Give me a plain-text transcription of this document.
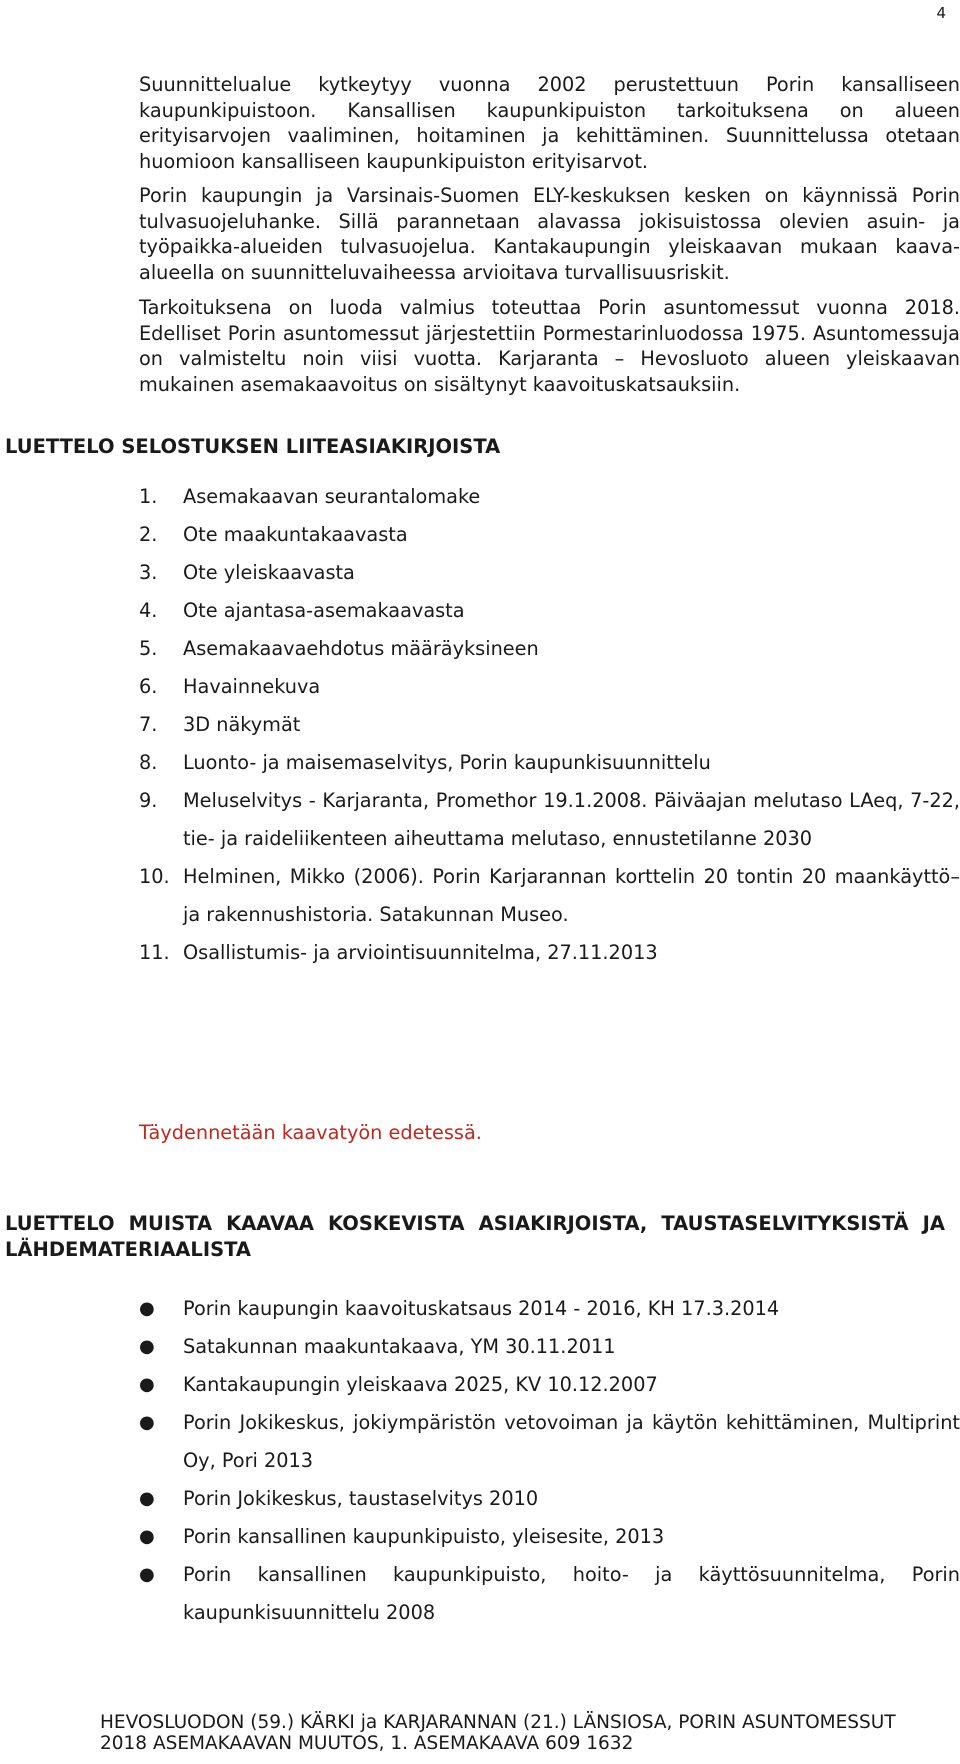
4

Suunnittelualue kytkeytyy vuonna 2002 perustettuun Porin kansalliseen kaupunkipuistoon. Kansallisen kaupunkipuiston tarkoituksena on alueen erityisarvojen vaaliminen, hoitaminen ja kehittäminen. Suunnittelussa otetaan huomioon kansalliseen kaupunkipuiston erityisarvot.

Porin kaupungin ja Varsinais-Suomen ELY-keskuksen kesken on käynnissä Porin tulvasuojeluhanke. Sillä parannetaan alavassa jokisuistossa olevien asuin- ja työpaikka-alueiden tulvasuojelua. Kantakaupungin yleiskaavan mukaan kaava-alueella on suunnitteluvaiheessa arvioitava turvallisuusriskit.

Tarkoituksena on luoda valmius toteuttaa Porin asuntomessut vuonna 2018. Edelliset Porin asuntomessut järjestettiin Pormestarinluodossa 1975. Asuntomessuja on valmisteltu noin viisi vuotta. Karjaranta – Hevosluoto alueen yleiskaavan mukainen asemakaavoitus on sisältynyt kaavoituskatsauksiin.

LUETTELO SELOSTUKSEN LIITEASIAKIRJOISTA
1.	Asemakaavan seurantalomake
2.	Ote maakuntakaavasta
3.	Ote yleiskaavasta
4.	Ote ajantasa-asemakaavasta
5.	Asemakaavaehdotus määräyksineen
6.	Havainnekuva
7.	3D näkymät
8.	Luonto- ja maisemaselvitys, Porin kaupunkisuunnittelu
9.	Meluselvitys - Karjaranta, Promethor 19.1.2008. Päiväajan melutaso LAeq, 7-22, tie- ja raideliikenteen aiheuttama melutaso, ennustetilanne 2030
10. Helminen, Mikko (2006). Porin Karjarannan korttelin 20 tontin 20 maankäyttö– ja rakennushistoria. Satakunnan Museo.
11. Osallistumis- ja arviointisuunnitelma, 27.11.2013

Täydennetään kaavatyön edetessä.

LUETTELO MUISTA KAAVAA KOSKEVISTA ASIAKIRJOISTA, TAUSTASELVITYKSISTÄ JA LÄHDEMATERIAALISTA
●	Porin kaupungin kaavoituskatsaus 2014 - 2016, KH 17.3.2014
●	Satakunnan maakuntakaava, YM 30.11.2011
●	Kantakaupungin yleiskaava 2025, KV 10.12.2007
●	Porin Jokikeskus, jokiympäristön vetovoiman ja käytön kehittäminen, Multiprint Oy, Pori 2013
●	Porin Jokikeskus, taustaselvitys 2010
●	Porin kansallinen kaupunkipuisto, yleisesite, 2013
●	Porin kansallinen kaupunkipuisto, hoito- ja käyttösuunnitelma, Porin kaupunkisuunnittelu 2008
HEVOSLUODON (59.) KÄRKI ja KARJARANNAN (21.) LÄNSIOSA, PORIN ASUNTOMESSUT
2018 ASEMAKAAVAN MUUTOS, 1. ASEMAKAAVA 609 1632
